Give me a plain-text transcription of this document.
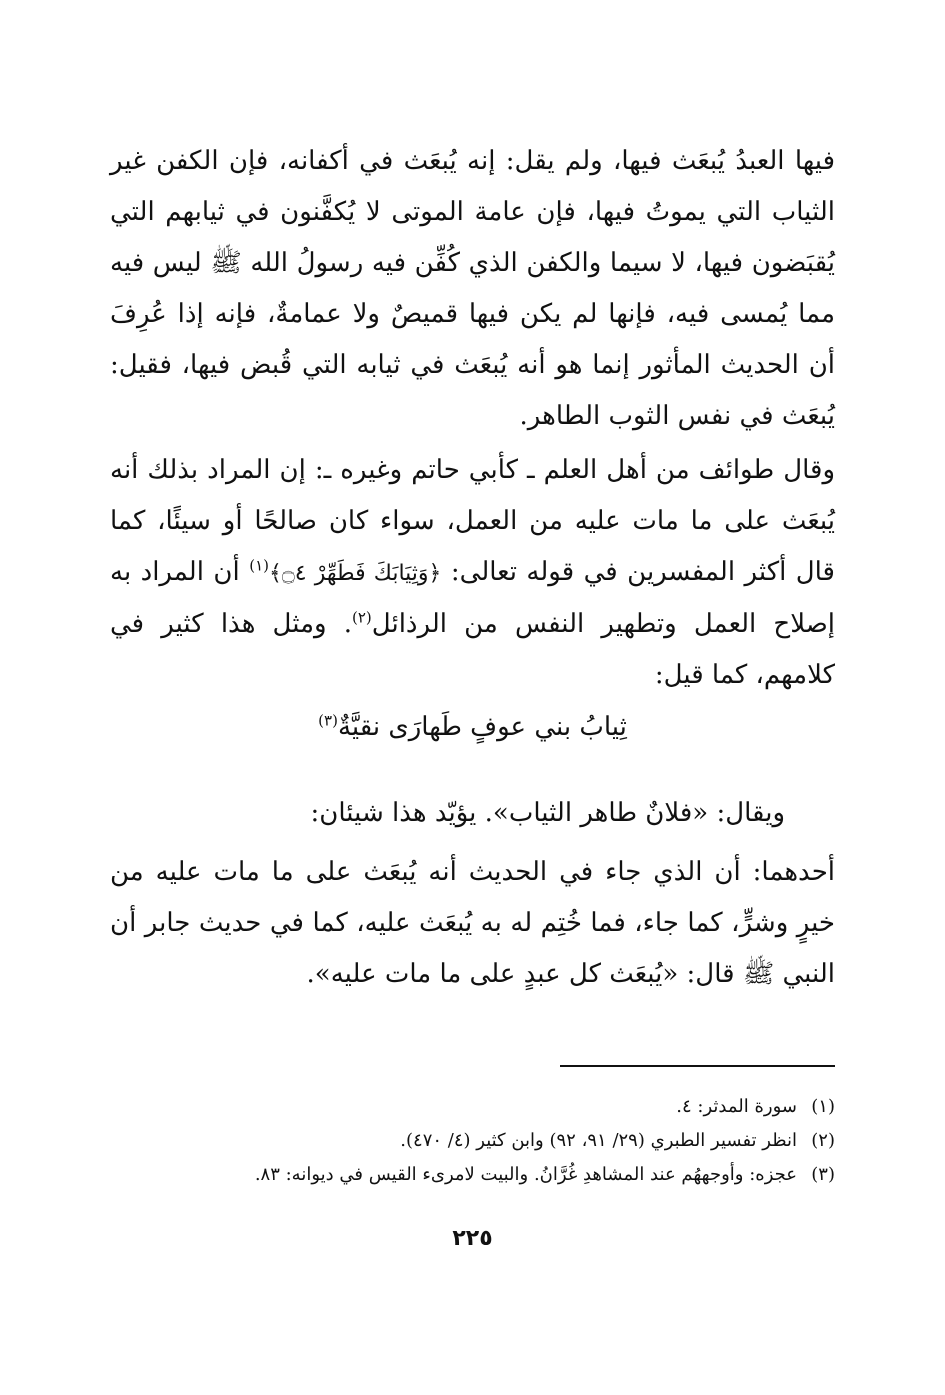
فيها العبدُ يُبعَث فيها، ولم يقل: إنه يُبعَث في أكفانه، فإن الكفن غير الثياب التي يموتُ فيها، فإن عامة الموتى لا يُكفَّنون في ثيابهم التي يُقبَضون فيها، لا سيما والكفن الذي كُفِّن فيه رسولُ الله ﷺ ليس فيه مما يُمسى فيه، فإنها لم يكن فيها قميصٌ ولا عمامةٌ، فإنه إذا عُرِفَ أن الحديث المأثور إنما هو أنه يُبعَث في ثيابه التي قُبض فيها، فقيل: يُبعَث في نفس الثوب الطاهر.

وقال طوائف من أهل العلم ـ كأبي حاتم وغيره ـ: إن المراد بذلك أنه يُبعَث على ما مات عليه من العمل، سواء كان صالحًا أو سيئًا، كما قال أكثر المفسرين في قوله تعالى: ﴿وَثِيَابَكَ فَطَهِّرْ ۝٤﴾$^{(١)}$ أن المراد به إصلاح العمل وتطهير النفس من الرذائل$^{(٢)}$. ومثل هذا كثير في كلامهم، كما قيل:

ثِيابُ بني عوفٍ طَهارَى نقيَّةٌ$^{(٣)}$

ويقال: «فلانٌ طاهر الثياب». يؤيّد هذا شيئان:

أحدهما: أن الذي جاء في الحديث أنه يُبعَث على ما مات عليه من خيرٍ وشرٍّ، كما جاء، فما خُتِم له به يُبعَث عليه، كما في حديث جابر أن النبي ﷺ قال: «يُبعَث كل عبدٍ على ما مات عليه».

(١)
سورة المدثر: ٤.
(٢)
انظر تفسير الطبري (٢٩/ ٩١، ٩٢) وابن كثير (٤/ ٤٧٠).
(٣)
عجزه: وأوجههُم عند المشاهدِ غُرَّانُ. والبيت لامرىء القيس في ديوانه: ٨٣.
٢٢٥
